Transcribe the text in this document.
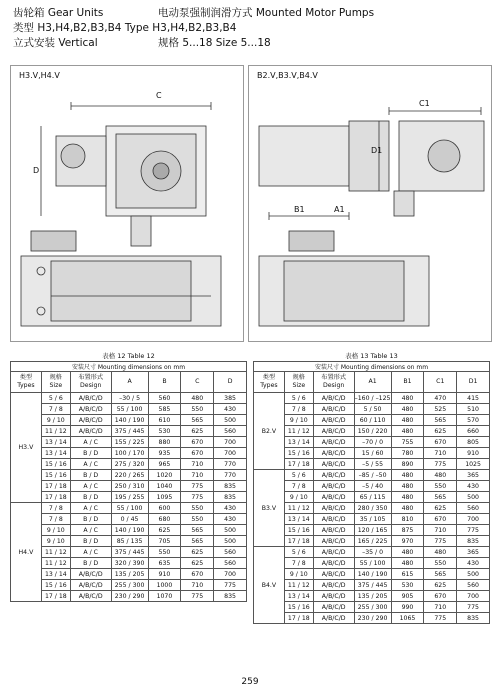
齿轮箱 Gear Units	电动泵强制润滑方式 Mounted Motor Pumps
类型 H3,H4,B2,B3,B4 Type H3,H4,B2,B3,B4
立式安装 Vertical	规格 5...18 Size 5...18
H3.V,H4.V
C
D
B2.V,B3.V,B4.V
C1
D1
B1	A1
表格 12 Table 12						
安装尺寸 Mounting dimensions on mm						
类型
Types	规格
Size	布置形式
Design	A	B	C	D
H3.V	5 / 6	A/B/C/D	–30 / 5	560	480	385
	7 / 8	A/B/C/D	55 / 100	585	550	430
	9 / 10	A/B/C/D	140 / 190	610	565	500
	11 / 12	A/B/C/D	375 / 445	530	625	560
	13 / 14	A / C	155 / 225	880	670	700
	13 / 14	B / D	100 / 170	935	670	700
	15 / 16	A / C	275 / 320	965	710	770
	15 / 16	B / D	220 / 265	1020	710	770
	17 / 18	A / C	250 / 310	1040	775	835
	17 / 18	B / D	195 / 255	1095	775	835
H4.V	7 / 8	A / C	55 / 100	600	550	430
	7 / 8	B / D	0 / 45	680	550	430
	9 / 10	A / C	140 / 190	625	565	500
	9 / 10	B / D	85 / 135	705	565	500
	11 / 12	A / C	375 / 445	550	625	560
	11 / 12	B / D	320 / 390	635	625	560
	13 / 14	A/B/C/D	135 / 205	910	670	700
	15 / 16	A/B/C/D	255 / 300	1000	710	775
	17 / 18	A/B/C/D	230 / 290	1070	775	835
表格 13 Table 13						
安装尺寸 Mounting dimensions on mm						
类型
Types	规格
Size	布置形式
Design	A1	B1	C1	D1
B2.V	5 / 6	A/B/C/D	–160 / –125	480	470	415
	7 / 8	A/B/C/D	5 / 50	480	525	510
	9 / 10	A/B/C/D	60 / 110	480	565	570
	11 / 12	A/B/C/D	150 / 220	480	625	660
	13 / 14	A/B/C/D	–70 / 0	755	670	805
	15 / 16	A/B/C/D	15 / 60	780	710	910
	17 / 18	A/B/C/D	–5 / 55	890	775	1025
B3.V	5 / 6	A/B/C/D	–85 / –50	480	480	365
	7 / 8	A/B/C/D	–5 / 40	480	550	430
	9 / 10	A/B/C/D	65 / 115	480	565	500
	11 / 12	A/B/C/D	280 / 350	480	625	560
	13 / 14	A/B/C/D	35 / 105	810	670	700
	15 / 16	A/B/C/D	120 / 165	875	710	775
	17 / 18	A/B/C/D	165 / 225	970	775	835
B4.V	5 / 6	A/B/C/D	–35 / 0	480	480	365
	7 / 8	A/B/C/D	55 / 100	480	550	430
	9 / 10	A/B/C/D	140 / 190	615	565	500
	11 / 12	A/B/C/D	375 / 445	530	625	560
	13 / 14	A/B/C/D	135 / 205	905	670	700
	15 / 16	A/B/C/D	255 / 300	990	710	775
	17 / 18	A/B/C/D	230 / 290	1065	775	835
259
